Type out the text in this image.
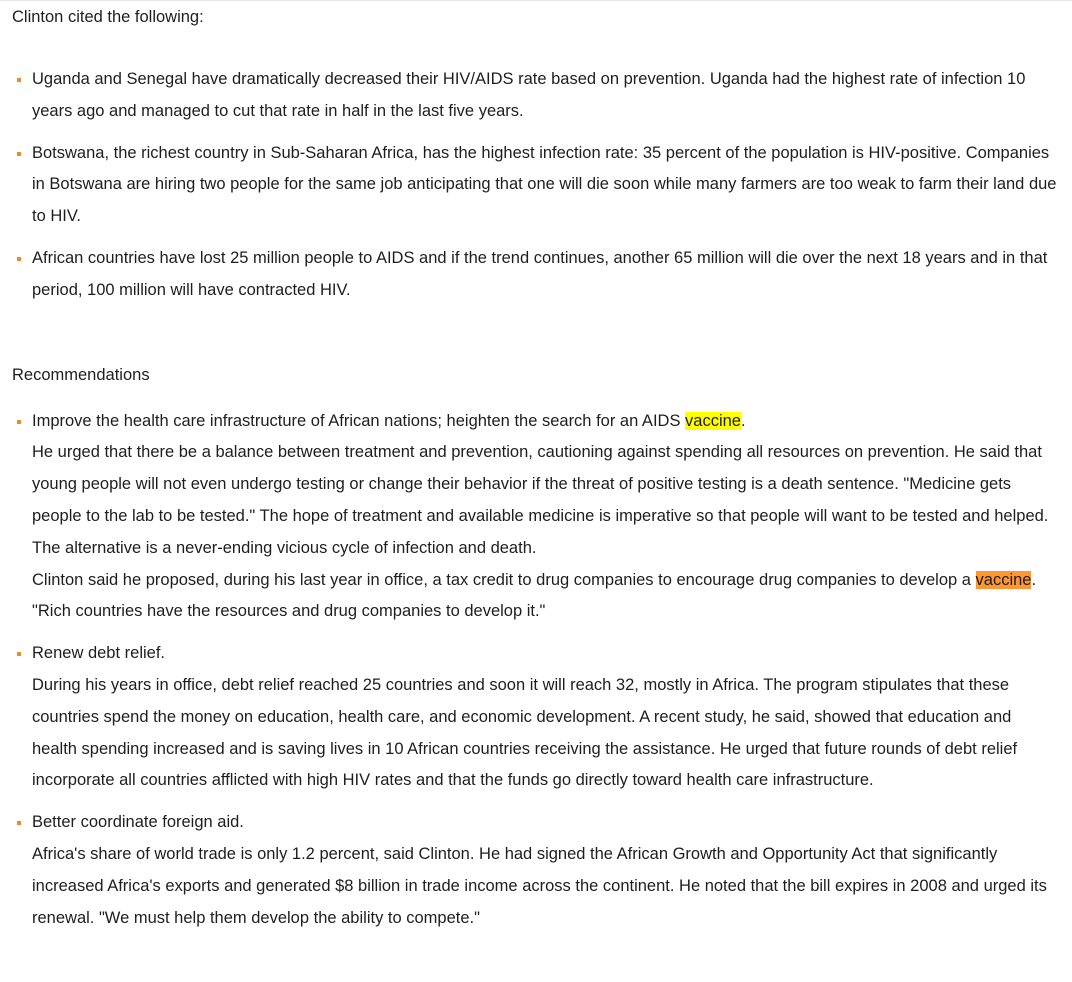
Clinton cited the following:

Uganda and Senegal have dramatically decreased their HIV/AIDS rate based on prevention. Uganda had the highest rate of infection 10 years ago and managed to cut that rate in half in the last five years.
Botswana, the richest country in Sub-Saharan Africa, has the highest infection rate: 35 percent of the population is HIV-positive. Companies in Botswana are hiring two people for the same job anticipating that one will die soon while many farmers are too weak to farm their land due to HIV.
African countries have lost 25 million people to AIDS and if the trend continues, another 65 million will die over the next 18 years and in that period, 100 million will have contracted HIV.

Recommendations

Improve the health care infrastructure of African nations; heighten the search for an AIDS vaccine.
He urged that there be a balance between treatment and prevention, cautioning against spending all resources on prevention. He said that young people will not even undergo testing or change their behavior if the threat of positive testing is a death sentence. "Medicine gets people to the lab to be tested." The hope of treatment and available medicine is imperative so that people will want to be tested and helped. The alternative is a never-ending vicious cycle of infection and death.
Clinton said he proposed, during his last year in office, a tax credit to drug companies to encourage drug companies to develop a vaccine. "Rich countries have the resources and drug companies to develop it."
Renew debt relief.
During his years in office, debt relief reached 25 countries and soon it will reach 32, mostly in Africa. The program stipulates that these countries spend the money on education, health care, and economic development. A recent study, he said, showed that education and health spending increased and is saving lives in 10 African countries receiving the assistance. He urged that future rounds of debt relief incorporate all countries afflicted with high HIV rates and that the funds go directly toward health care infrastructure.
Better coordinate foreign aid.
Africa's share of world trade is only 1.2 percent, said Clinton. He had signed the African Growth and Opportunity Act that significantly increased Africa's exports and generated $8 billion in trade income across the continent. He noted that the bill expires in 2008 and urged its renewal. "We must help them develop the ability to compete."
